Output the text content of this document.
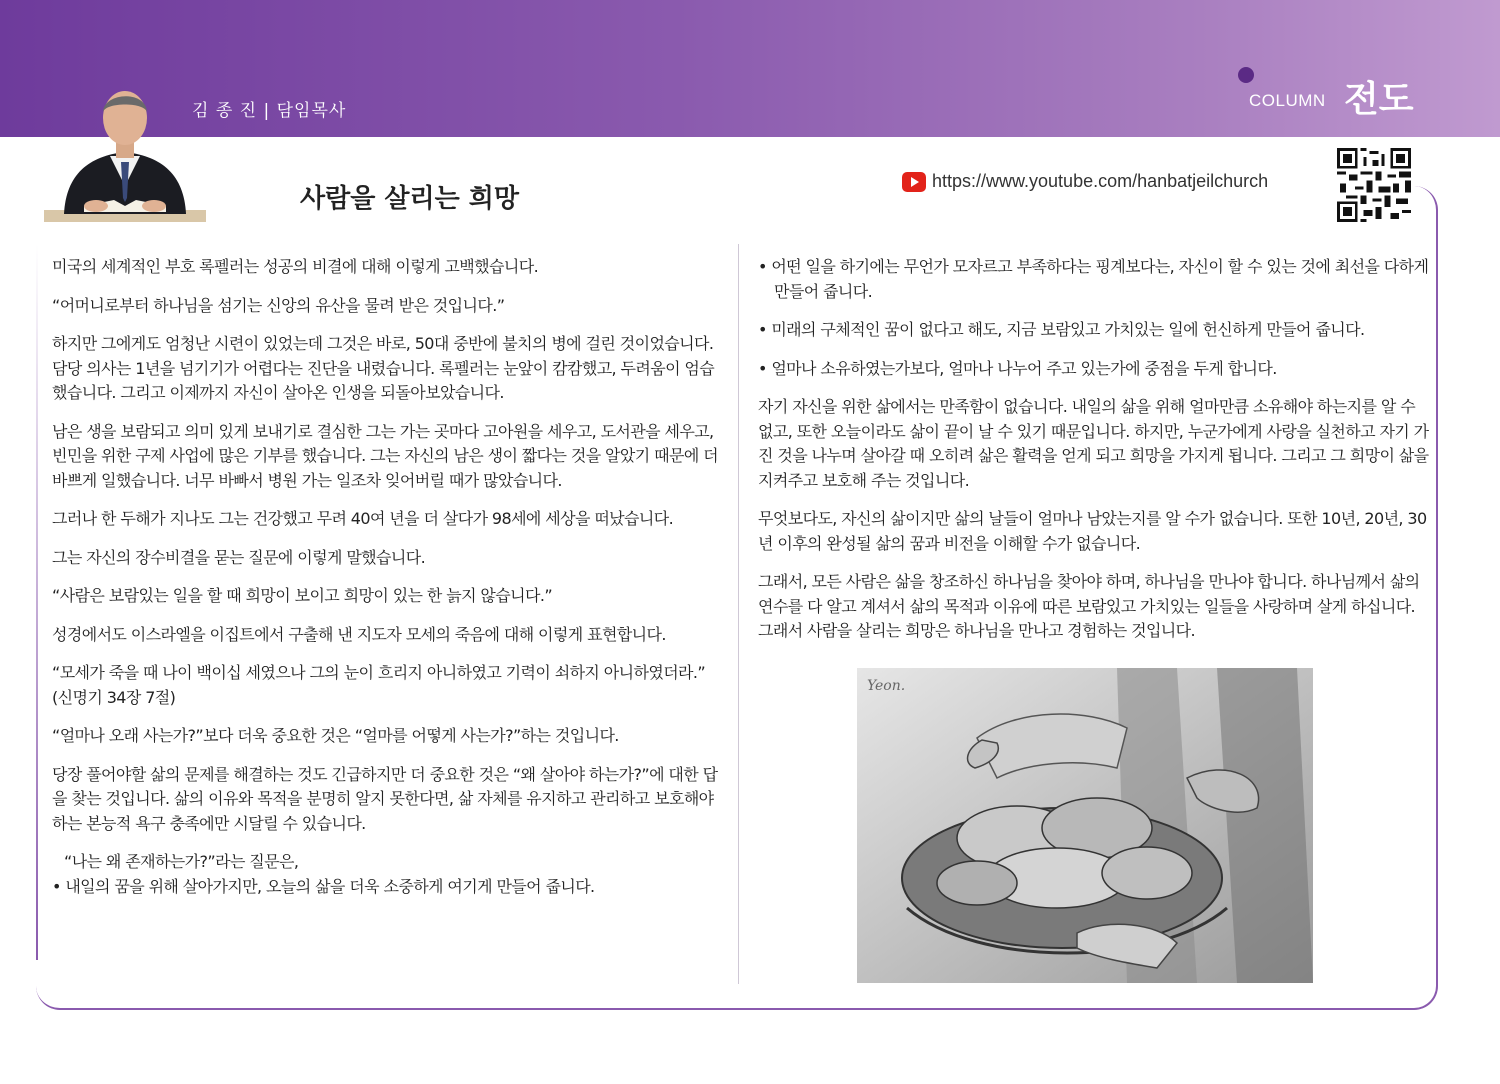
김 종 진 | 담임목사
COLUMN 전도
사람을 살리는 희망
https://www.youtube.com/hanbatjeilchurch

미국의 세계적인 부호 록펠러는 성공의 비결에 대해 이렇게 고백했습니다.

“어머니로부터 하나님을 섬기는 신앙의 유산을 물려 받은 것입니다.”

하지만 그에게도 엄청난 시련이 있었는데 그것은 바로, 50대 중반에 불치의 병에 걸린 것이었습니다. 담당 의사는 1년을 넘기기가 어렵다는 진단을 내렸습니다. 록펠러는 눈앞이 캄캄했고, 두려움이 엄습했습니다. 그리고 이제까지 자신이 살아온 인생을 되돌아보았습니다.

남은 생을 보람되고 의미 있게 보내기로 결심한 그는 가는 곳마다 고아원을 세우고, 도서관을 세우고, 빈민을 위한 구제 사업에 많은 기부를 했습니다. 그는 자신의 남은 생이 짧다는 것을 알았기 때문에 더 바쁘게 일했습니다. 너무 바빠서 병원 가는 일조차 잊어버릴 때가 많았습니다.

그러나 한 두해가 지나도 그는 건강했고 무려 40여 년을 더 살다가 98세에 세상을 떠났습니다.

그는 자신의 장수비결을 묻는 질문에 이렇게 말했습니다.

“사람은 보람있는 일을 할 때 희망이 보이고 희망이 있는 한 늙지 않습니다.”

성경에서도 이스라엘을 이집트에서 구출해 낸 지도자 모세의 죽음에 대해 이렇게 표현합니다.

“모세가 죽을 때 나이 백이십 세였으나 그의 눈이 흐리지 아니하였고 기력이 쇠하지 아니하였더라.” (신명기 34장 7절)

“얼마나 오래 사는가?”보다 더욱 중요한 것은 “얼마를 어떻게 사는가?”하는 것입니다.

당장 풀어야할 삶의 문제를 해결하는 것도 긴급하지만 더 중요한 것은 “왜 살아야 하는가?”에 대한 답을 찾는 것입니다. 삶의 이유와 목적을 분명히 알지 못한다면, 삶 자체를 유지하고 관리하고 보호해야 하는 본능적 욕구 충족에만 시달릴 수 있습니다.

“나는 왜 존재하는가?”라는 질문은,

• 내일의 꿈을 위해 살아가지만, 오늘의 삶을 더욱 소중하게 여기게 만들어 줍니다.

• 어떤 일을 하기에는 무언가 모자르고 부족하다는 핑계보다는, 자신이 할 수 있는 것에 최선을 다하게 만들어 줍니다.

• 미래의 구체적인 꿈이 없다고 해도, 지금 보람있고 가치있는 일에 헌신하게 만들어 줍니다.

• 얼마나 소유하였는가보다, 얼마나 나누어 주고 있는가에 중점을 두게 합니다.

자기 자신을 위한 삶에서는 만족함이 없습니다. 내일의 삶을 위해 얼마만큼 소유해야 하는지를 알 수 없고, 또한 오늘이라도 삶이 끝이 날 수 있기 때문입니다. 하지만, 누군가에게 사랑을 실천하고 자기 가진 것을 나누며 살아갈 때 오히려 삶은 활력을 얻게 되고 희망을 가지게 됩니다. 그리고 그 희망이 삶을 지켜주고 보호해 주는 것입니다.

무엇보다도, 자신의 삶이지만 삶의 날들이 얼마나 남았는지를 알 수가 없습니다. 또한 10년, 20년, 30년 이후의 완성될 삶의 꿈과 비전을 이해할 수가 없습니다.

그래서, 모든 사람은 삶을 창조하신 하나님을 찾아야 하며, 하나님을 만나야 합니다. 하나님께서 삶의 연수를 다 알고 계셔서 삶의 목적과 이유에 따른 보람있고 가치있는 일들을 사랑하며 살게 하십니다. 그래서 사람을 살리는 희망은 하나님을 만나고 경험하는 것입니다.

Yeon.
